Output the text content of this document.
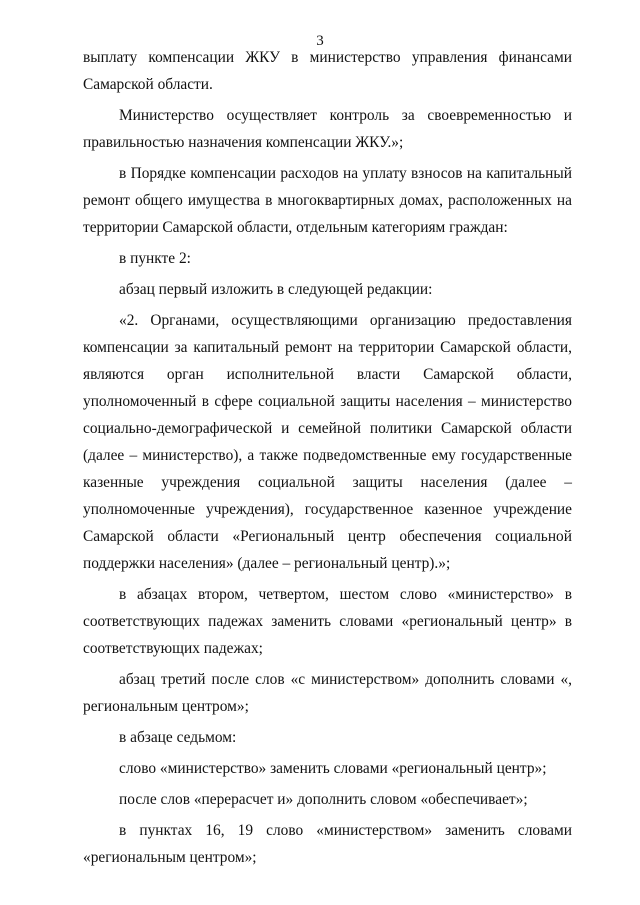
3

выплату компенсации ЖКУ в министерство управления финансами Самарской области.

Министерство осуществляет контроль за своевременностью и правильностью назначения компенсации ЖКУ.»;

в Порядке компенсации расходов на уплату взносов на капитальный ремонт общего имущества в многоквартирных домах, расположенных на территории Самарской области, отдельным категориям граждан:

в пункте 2:

абзац первый изложить в следующей редакции:

«2. Органами, осуществляющими организацию предоставления компенсации за капитальный ремонт на территории Самарской области, являются орган исполнительной власти Самарской области, уполномоченный в сфере социальной защиты населения – министерство социально-демографической и семейной политики Самарской области (далее – министерство), а также подведомственные ему государственные казенные учреждения социальной защиты населения (далее – уполномоченные учреждения), государственное казенное учреждение Самарской области «Региональный центр обеспечения социальной поддержки населения» (далее – региональный центр).»;

в абзацах втором, четвертом, шестом слово «министерство» в соответствующих падежах заменить словами «региональный центр» в соответствующих падежах;

абзац третий после слов «с министерством» дополнить словами «, региональным центром»;

в абзаце седьмом:

слово «министерство» заменить словами «региональный центр»;

после слов «перерасчет и» дополнить словом «обеспечивает»;

в пунктах 16, 19 слово «министерством» заменить словами «региональным центром»;
